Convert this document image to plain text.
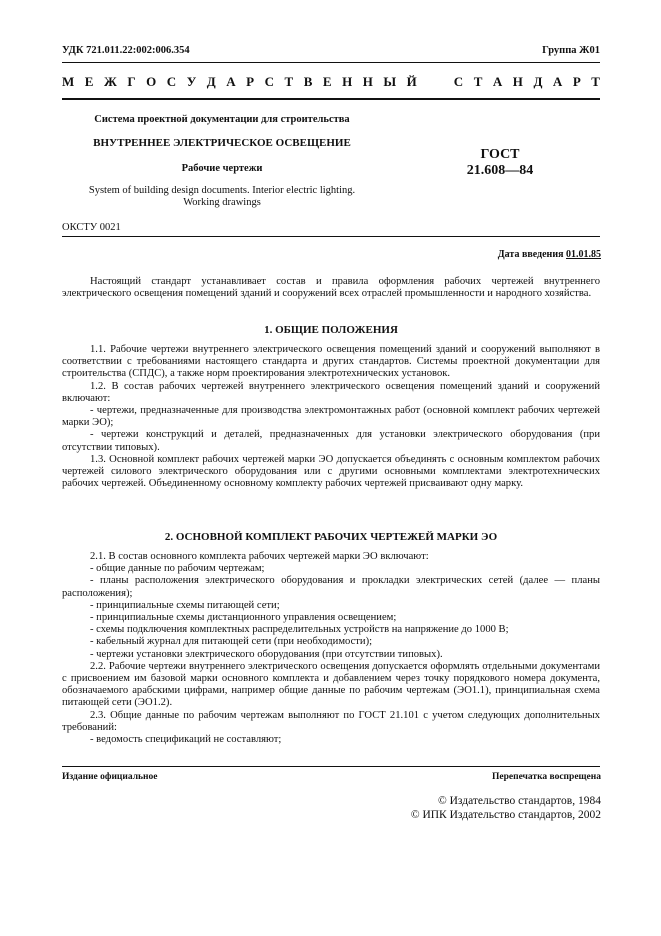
УДК 721.011.22:002:006.354	Группа Ж01
М Е Ж Г О С У Д А Р С Т В Е Н Н Ы Й	С Т А Н Д А Р Т
Система проектной документации для строительства
ВНУТРЕННЕЕ ЭЛЕКТРИЧЕСКОЕ ОСВЕЩЕНИЕ
Рабочие чертежи
System of building design documents. Interior electric lighting.
Working drawings
ГОСТ
21.608—84
ОКСТУ 0021
Дата введения 01.01.85

Настоящий стандарт устанавливает состав и правила оформления рабочих чертежей внутреннего электрического освещения помещений зданий и сооружений всех отраслей промышленности и народного хозяйства.

1. ОБЩИЕ ПОЛОЖЕНИЯ

1.1. Рабочие чертежи внутреннего электрического освещения помещений зданий и сооружений выполняют в соответствии с требованиями настоящего стандарта и других стандартов. Системы проектной документации для строительства (СПДС), а также норм проектирования электротехнических установок.

1.2. В состав рабочих чертежей внутреннего электрического освещения помещений зданий и сооружений включают:

- чертежи, предназначенные для производства электромонтажных работ (основной комплект рабочих чертежей марки ЭО);

- чертежи конструкций и деталей, предназначенных для установки электрического оборудования (при отсутствии типовых).

1.3. Основной комплект рабочих чертежей марки ЭО допускается объединять с основным комплектом рабочих чертежей силового электрического оборудования или с другими основными комплектами электротехнических рабочих чертежей. Объединенному основному комплекту рабочих чертежей присваивают одну марку.

2. ОСНОВНОЙ КОМПЛЕКТ РАБОЧИХ ЧЕРТЕЖЕЙ МАРКИ ЭО

2.1. В состав основного комплекта рабочих чертежей марки ЭО включают:

- общие данные по рабочим чертежам;

- планы расположения электрического оборудования и прокладки электрических сетей (далее — планы расположения);

- принципиальные схемы питающей сети;

- принципиальные схемы дистанционного управления освещением;

- схемы подключения комплектных распределительных устройств на напряжение до 1000 В;

- кабельный журнал для питающей сети (при необходимости);

- чертежи установки электрического оборудования (при отсутствии типовых).

2.2. Рабочие чертежи внутреннего электрического освещения допускается оформлять отдельными документами с присвоением им базовой марки основного комплекта и добавлением через точку порядкового номера документа, обозначаемого арабскими цифрами, например общие данные по рабочим чертежам (ЭО1.1), принципиальная схема питающей сети (ЭО1.2).

2.3. Общие данные по рабочим чертежам выполняют по ГОСТ 21.101 с учетом следующих дополнительных требований:

- ведомость спецификаций не составляют;

Издание официальное	Перепечатка воспрещена
© Издательство стандартов, 1984
© ИПК Издательство стандартов, 2002
